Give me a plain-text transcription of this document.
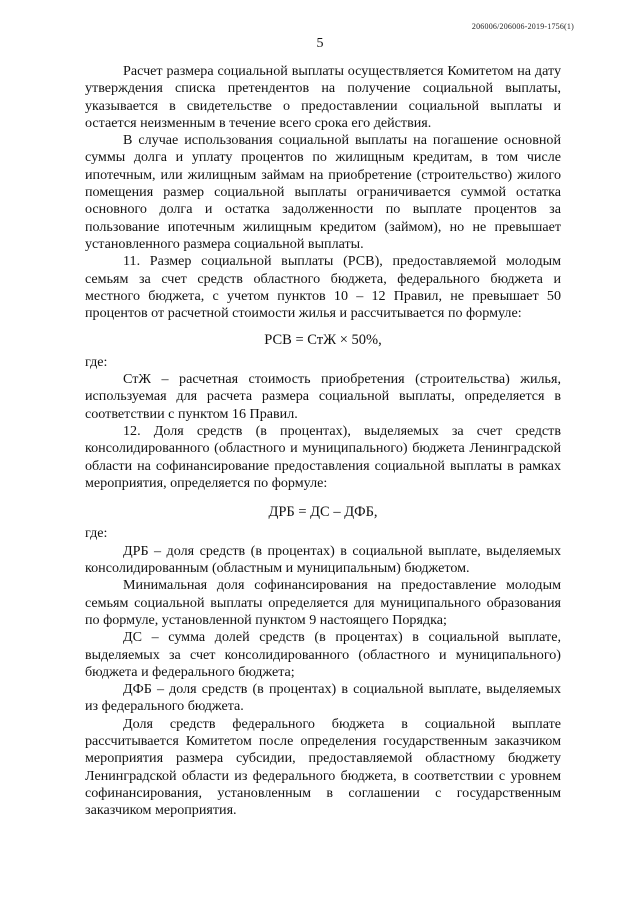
206006/206006-2019-1756(1)
5

Расчет размера социальной выплаты осуществляется Комитетом на дату утверждения списка претендентов на получение социальной выплаты, указывается в свидетельстве о предоставлении социальной выплаты и остается неизменным в течение всего срока его действия.

В случае использования социальной выплаты на погашение основной суммы долга и уплату процентов по жилищным кредитам, в том числе ипотечным, или жилищным займам на приобретение (строительство) жилого помещения размер социальной выплаты ограничивается суммой остатка основного долга и остатка задолженности по выплате процентов за пользование ипотечным жилищным кредитом (займом), но не превышает установленного размера социальной выплаты.

11. Размер социальной выплаты (РСВ), предоставляемой молодым семьям за счет средств областного бюджета, федерального бюджета и местного бюджета, с учетом пунктов 10 – 12 Правил, не превышает 50 процентов от расчетной стоимости жилья и рассчитывается по формуле:

РСВ = СтЖ × 50%,

где:

СтЖ – расчетная стоимость приобретения (строительства) жилья, используемая для расчета размера социальной выплаты, определяется в соответствии с пунктом 16 Правил.

12. Доля средств (в процентах), выделяемых за счет средств консолидированного (областного и муниципального) бюджета Ленинградской области на софинансирование предоставления социальной выплаты в рамках мероприятия, определяется по формуле:

ДРБ = ДС – ДФБ,

где:

ДРБ – доля средств (в процентах) в социальной выплате, выделяемых консолидированным (областным и муниципальным) бюджетом.

Минимальная доля софинансирования на предоставление молодым семьям социальной выплаты определяется для муниципального образования по формуле, установленной пунктом 9 настоящего Порядка;

ДС – сумма долей средств (в процентах) в социальной выплате, выделяемых за счет консолидированного (областного и муниципального) бюджета и федерального бюджета;

ДФБ – доля средств (в процентах) в социальной выплате, выделяемых из федерального бюджета.

Доля средств федерального бюджета в социальной выплате рассчитывается Комитетом после определения государственным заказчиком мероприятия размера субсидии, предоставляемой областному бюджету Ленинградской области из федерального бюджета, в соответствии с уровнем софинансирования, установленным в соглашении с государственным заказчиком мероприятия.
